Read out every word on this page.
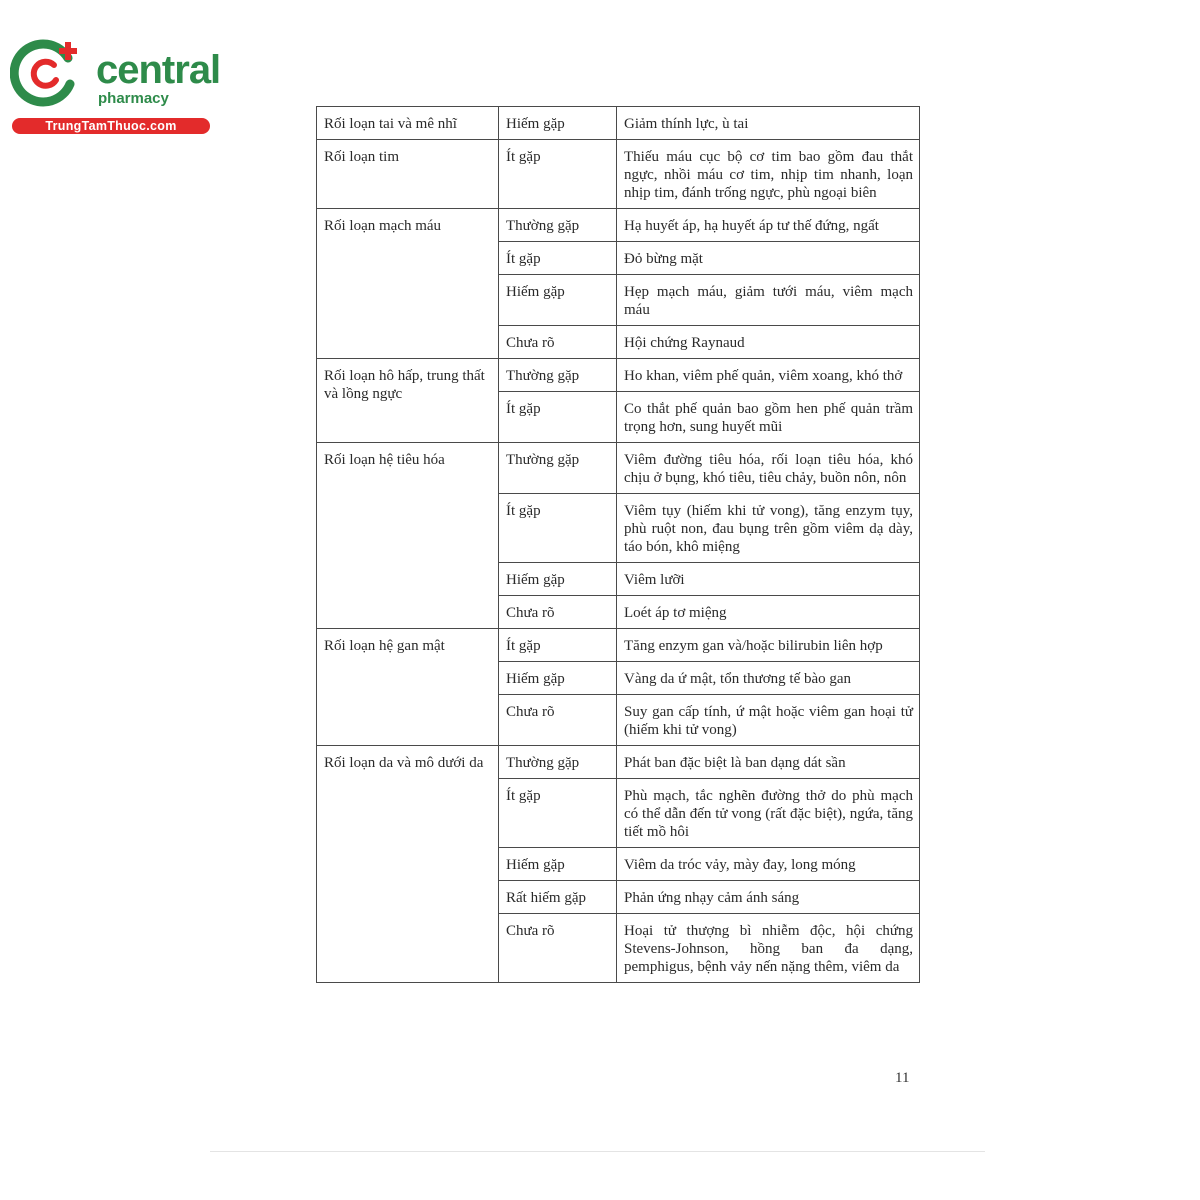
central
pharmacy
TrungTamThuoc.com	Rối loạn tai và mê nhĩ	Hiếm gặp	Giảm thính lực, ù tai
Rối loạn tim	Ít gặp	Thiếu máu cục bộ cơ tim bao gồm đau thắt ngực, nhồi máu cơ tim, nhịp tim nhanh, loạn nhịp tim, đánh trống ngực, phù ngoại biên
Rối loạn mạch máu	Thường gặp	Hạ huyết áp, hạ huyết áp tư thế đứng, ngất
	Ít gặp	Đỏ bừng mặt
	Hiếm gặp	Hẹp mạch máu, giảm tưới máu, viêm mạch máu
	Chưa rõ	Hội chứng Raynaud
Rối loạn hô hấp, trung thất và lồng ngực	Thường gặp	Ho khan, viêm phế quản, viêm xoang, khó thở
	Ít gặp	Co thắt phế quản bao gồm hen phế quản trầm trọng hơn, sung huyết mũi
Rối loạn hệ tiêu hóa	Thường gặp	Viêm đường tiêu hóa, rối loạn tiêu hóa, khó chịu ở bụng, khó tiêu, tiêu chảy, buồn nôn, nôn
	Ít gặp	Viêm tụy (hiếm khi tử vong), tăng enzym tụy, phù ruột non, đau bụng trên gồm viêm dạ dày, táo bón, khô miệng
	Hiếm gặp	Viêm lưỡi
	Chưa rõ	Loét áp tơ miệng
Rối loạn hệ gan mật	Ít gặp	Tăng enzym gan và/hoặc bilirubin liên hợp
	Hiếm gặp	Vàng da ứ mật, tổn thương tế bào gan
	Chưa rõ	Suy gan cấp tính, ứ mật hoặc viêm gan hoại tử (hiếm khi tử vong)
Rối loạn da và mô dưới da	Thường gặp	Phát ban đặc biệt là ban dạng dát sần
	Ít gặp	Phù mạch, tắc nghẽn đường thở do phù mạch có thể dẫn đến tử vong (rất đặc biệt), ngứa, tăng tiết mồ hôi
	Hiếm gặp	Viêm da tróc vảy, mày đay, long móng
	Rất hiếm gặp	Phản ứng nhạy cảm ánh sáng
	Chưa rõ	Hoại tử thượng bì nhiễm độc, hội chứng Stevens-Johnson, hồng ban đa dạng, pemphigus, bệnh vảy nến nặng thêm, viêm da
11
